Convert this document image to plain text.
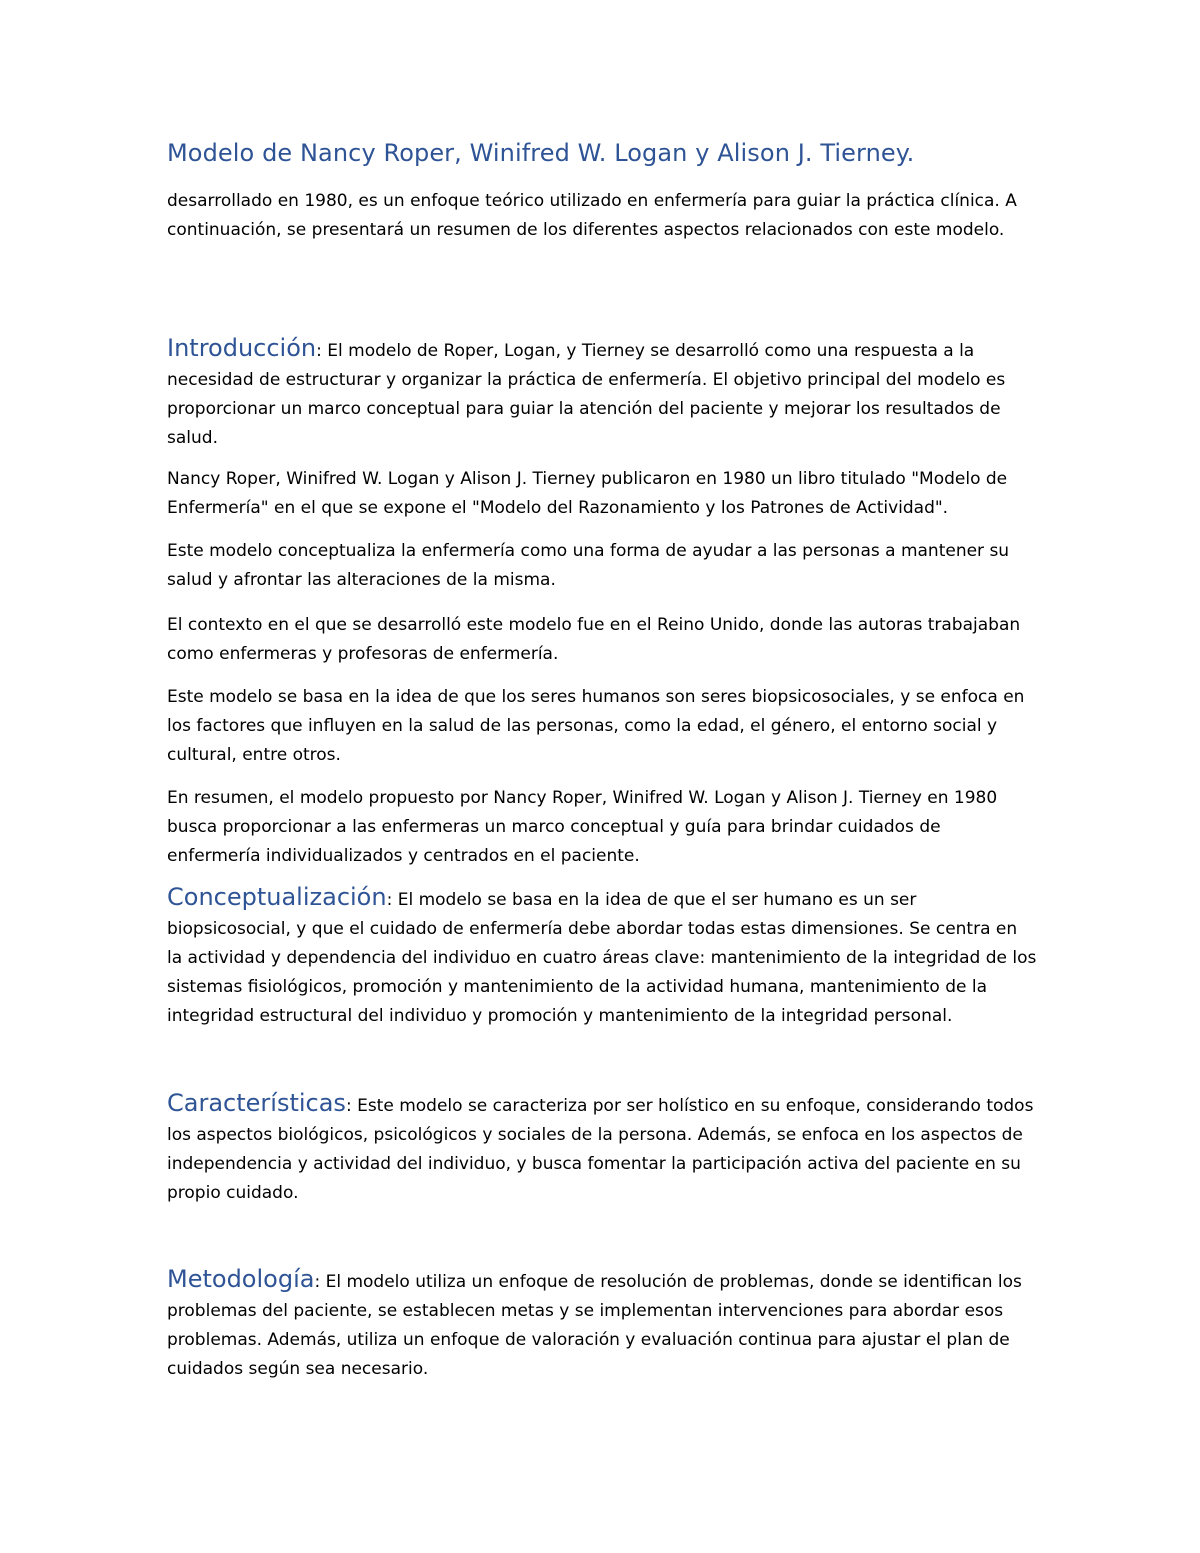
Modelo de Nancy Roper, Winifred W. Logan y Alison J. Tierney.

desarrollado en 1980, es un enfoque teórico utilizado en enfermería para guiar la práctica clínica. A continuación, se presentará un resumen de los diferentes aspectos relacionados con este modelo.

Introducción: El modelo de Roper, Logan, y Tierney se desarrolló como una respuesta a la necesidad de estructurar y organizar la práctica de enfermería. El objetivo principal del modelo es proporcionar un marco conceptual para guiar la atención del paciente y mejorar los resultados de salud.

Nancy Roper, Winifred W. Logan y Alison J. Tierney publicaron en 1980 un libro titulado "Modelo de Enfermería" en el que se expone el "Modelo del Razonamiento y los Patrones de Actividad".

Este modelo conceptualiza la enfermería como una forma de ayudar a las personas a mantener su salud y afrontar las alteraciones de la misma.

El contexto en el que se desarrolló este modelo fue en el Reino Unido, donde las autoras trabajaban como enfermeras y profesoras de enfermería.

Este modelo se basa en la idea de que los seres humanos son seres biopsicosociales, y se enfoca en los factores que influyen en la salud de las personas, como la edad, el género, el entorno social y cultural, entre otros.

En resumen, el modelo propuesto por Nancy Roper, Winifred W. Logan y Alison J. Tierney en 1980 busca proporcionar a las enfermeras un marco conceptual y guía para brindar cuidados de enfermería individualizados y centrados en el paciente.

Conceptualización: El modelo se basa en la idea de que el ser humano es un ser biopsicosocial, y que el cuidado de enfermería debe abordar todas estas dimensiones. Se centra en la actividad y dependencia del individuo en cuatro áreas clave: mantenimiento de la integridad de los sistemas fisiológicos, promoción y mantenimiento de la actividad humana, mantenimiento de la integridad estructural del individuo y promoción y mantenimiento de la integridad personal.

Características: Este modelo se caracteriza por ser holístico en su enfoque, considerando todos los aspectos biológicos, psicológicos y sociales de la persona. Además, se enfoca en los aspectos de independencia y actividad del individuo, y busca fomentar la participación activa del paciente en su propio cuidado.

Metodología: El modelo utiliza un enfoque de resolución de problemas, donde se identifican los problemas del paciente, se establecen metas y se implementan intervenciones para abordar esos problemas. Además, utiliza un enfoque de valoración y evaluación continua para ajustar el plan de cuidados según sea necesario.
